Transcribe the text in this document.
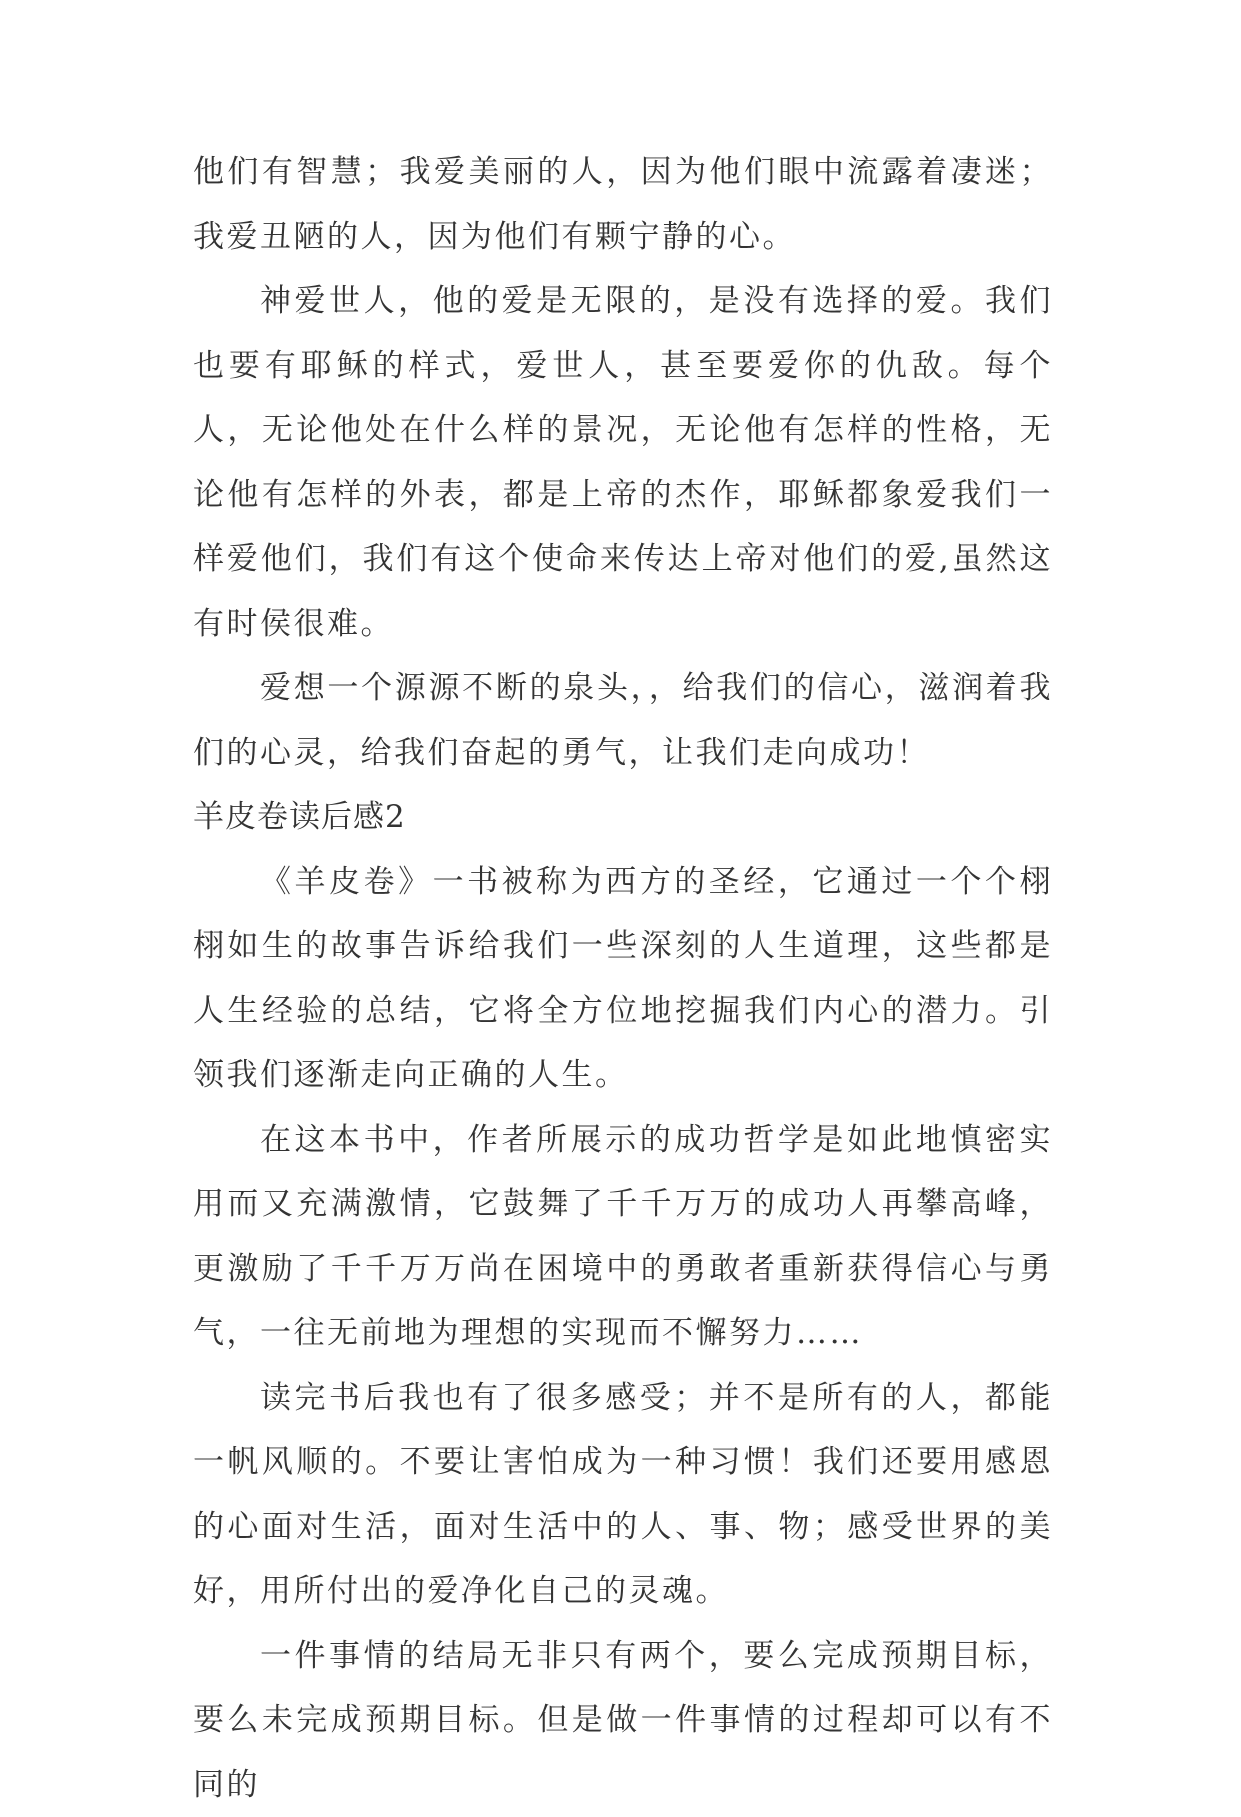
他们有智慧；我爱美丽的人，因为他们眼中流露着凄迷；我爱丑陋的人，因为他们有颗宁静的心。

神爱世人，他的爱是无限的，是没有选择的爱。我们也要有耶稣的样式，爱世人，甚至要爱你的仇敌。每个人，无论他处在什么样的景况，无论他有怎样的性格，无论他有怎样的外表，都是上帝的杰作，耶稣都象爱我们一样爱他们，我们有这个使命来传达上帝对他们的爱,虽然这有时侯很难。

爱想一个源源不断的泉头，，给我们的信心，滋润着我们的心灵，给我们奋起的勇气，让我们走向成功！

羊皮卷读后感2

《羊皮卷》一书被称为西方的圣经，它通过一个个栩栩如生的故事告诉给我们一些深刻的人生道理，这些都是人生经验的总结，它将全方位地挖掘我们内心的潜力。引领我们逐渐走向正确的人生。

在这本书中，作者所展示的成功哲学是如此地慎密实用而又充满激情，它鼓舞了千千万万的成功人再攀高峰，更激励了千千万万尚在困境中的勇敢者重新获得信心与勇气，一往无前地为理想的实现而不懈努力……

读完书后我也有了很多感受；并不是所有的人，都能一帆风顺的。不要让害怕成为一种习惯！我们还要用感恩的心面对生活，面对生活中的人、事、物；感受世界的美好，用所付出的爱净化自己的灵魂。

一件事情的结局无非只有两个，要么完成预期目标，要么未完成预期目标。但是做一件事情的过程却可以有不同的
